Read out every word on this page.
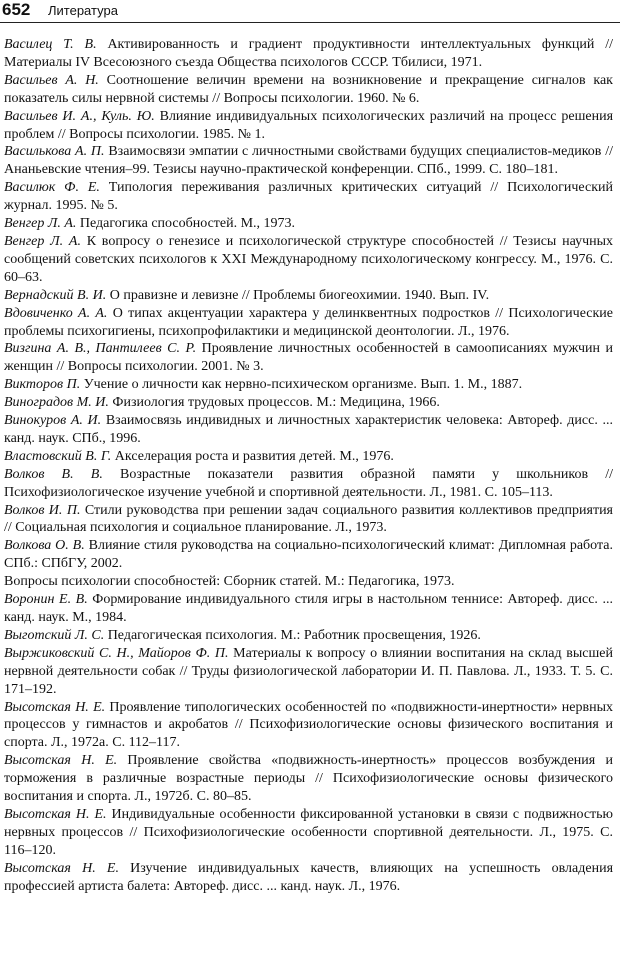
652 Литература

Василец Т. В. Активированность и градиент продуктивности интеллектуальных функций // Материалы IV Всесоюзного съезда Общества психологов СССР. Тбилиси, 1971.

Васильев А. Н. Соотношение величин времени на возникновение и прекращение сигналов как показатель силы нервной системы // Вопросы психологии. 1960. № 6.

Васильев И. А., Куль. Ю. Влияние индивидуальных психологических различий на процесс решения проблем // Вопросы психологии. 1985. № 1.

Василькова А. П. Взаимосвязи эмпатии с личностными свойствами будущих специалистов-медиков // Ананьевские чтения–99. Тезисы научно-практической конференции. СПб., 1999. С. 180–181.

Василюк Ф. Е. Типология переживания различных критических ситуаций // Психологический журнал. 1995. № 5.

Венгер Л. А. Педагогика способностей. М., 1973.

Венгер Л. А. К вопросу о генезисе и психологической структуре способностей // Тезисы научных сообщений советских психологов к XXI Международному психологическому конгрессу. М., 1976. С. 60–63.

Вернадский В. И. О правизне и левизне // Проблемы биогеохимии. 1940. Вып. IV.

Вдовиченко А. А. О типах акцентуации характера у делинквентных подростков // Психологические проблемы психогигиены, психопрофилактики и медицинской деонтологии. Л., 1976.

Визгина А. В., Пантилеев С. Р. Проявление личностных особенностей в самоописаниях мужчин и женщин // Вопросы психологии. 2001. № 3.

Викторов П. Учение о личности как нервно-психическом организме. Вып. 1. М., 1887.

Виноградов М. И. Физиология трудовых процессов. М.: Медицина, 1966.

Винокуров А. И. Взаимосвязь индивидных и личностных характеристик человека: Автореф. дисс. ... канд. наук. СПб., 1996.

Властовский В. Г. Акселерация роста и развития детей. М., 1976.

Волков В. В. Возрастные показатели развития образной памяти у школьников // Психофизиологическое изучение учебной и спортивной деятельности. Л., 1981. С. 105–113.

Волков И. П. Стили руководства при решении задач социального развития коллективов предприятия // Социальная психология и социальное планирование. Л., 1973.

Волкова О. В. Влияние стиля руководства на социально-психологический климат: Дипломная работа. СПб.: СПбГУ, 2002.

Вопросы психологии способностей: Сборник статей. М.: Педагогика, 1973.

Воронин Е. В. Формирование индивидуального стиля игры в настольном теннисе: Автореф. дисс. ... канд. наук. М., 1984.

Выготский Л. С. Педагогическая психология. М.: Работник просвещения, 1926.

Выржиковский С. Н., Майоров Ф. П. Материалы к вопросу о влиянии воспитания на склад высшей нервной деятельности собак // Труды физиологической лаборатории И. П. Павлова. Л., 1933. Т. 5. С. 171–192.

Высотская Н. Е. Проявление типологических особенностей по «подвижности-инертности» нервных процессов у гимнастов и акробатов // Психофизиологические основы физического воспитания и спорта. Л., 1972а. С. 112–117.

Высотская Н. Е. Проявление свойства «подвижность-инертность» процессов возбуждения и торможения в различные возрастные периоды // Психофизиологические основы физического воспитания и спорта. Л., 1972б. С. 80–85.

Высотская Н. Е. Индивидуальные особенности фиксированной установки в связи с подвижностью нервных процессов // Психофизиологические особенности спортивной деятельности. Л., 1975. С. 116–120.

Высотская Н. Е. Изучение индивидуальных качеств, влияющих на успешность овладения профессией артиста балета: Автореф. дисс. ... канд. наук. Л., 1976.
